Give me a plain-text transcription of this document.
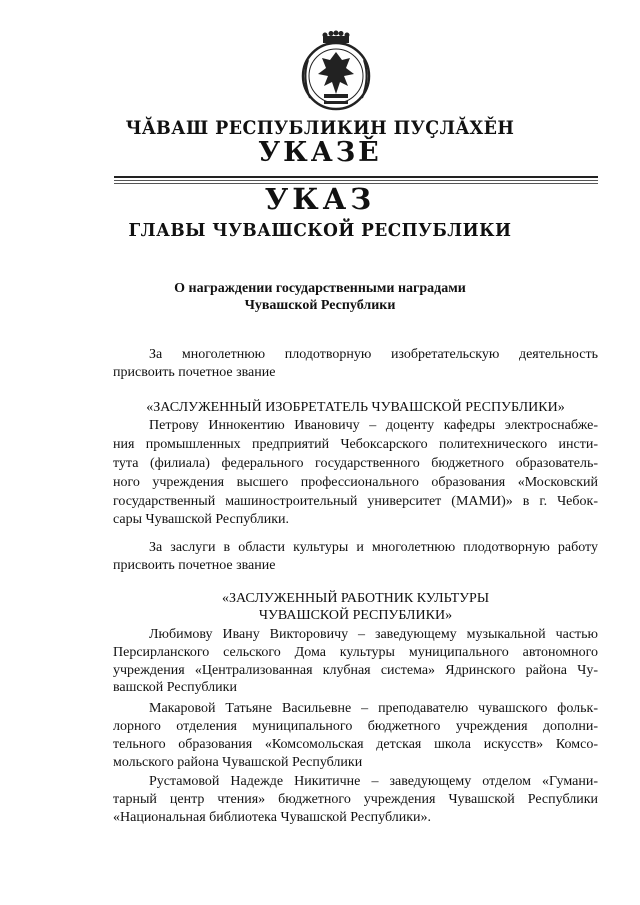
ЧĂВАШ РЕСПУБЛИКИН ПУÇЛĂХĚН
УКАЗĚ
УКАЗ
ГЛАВЫ ЧУВАШСКОЙ РЕСПУБЛИКИ
О награждении государственными наградами
Чувашской Республики
За многолетнюю плодотворную изобретательскую деятельность
присвоить почетное звание
«ЗАСЛУЖЕННЫЙ ИЗОБРЕТАТЕЛЬ ЧУВАШСКОЙ РЕСПУБЛИКИ»
Петрову Иннокентию Ивановичу – доценту кафедры электроснабже-
ния промышленных предприятий Чебоксарского политехнического инсти-
тута (филиала) федерального государственного бюджетного образователь-
ного учреждения высшего профессионального образования «Московский
государственный машиностроительный университет (МАМИ)» в г. Чебок-
сары Чувашской Республики.
За заслуги в области культуры и многолетнюю плодотворную работу
присвоить почетное звание
«ЗАСЛУЖЕННЫЙ РАБОТНИК КУЛЬТУРЫ
ЧУВАШСКОЙ РЕСПУБЛИКИ»
Любимову Ивану Викторовичу – заведующему музыкальной частью
Персирланского сельского Дома культуры муниципального автономного
учреждения «Централизованная клубная система» Ядринского района Чу-
вашской Республики
Макаровой Татьяне Васильевне – преподавателю чувашского фольк-
лорного отделения муниципального бюджетного учреждения дополни-
тельного образования «Комсомольская детская школа искусств» Комсо-
мольского района Чувашской Республики
Рустамовой Надежде Никитичне – заведующему отделом «Гумани-
тарный центр чтения» бюджетного учреждения Чувашской Республики
«Национальная библиотека Чувашской Республики».
